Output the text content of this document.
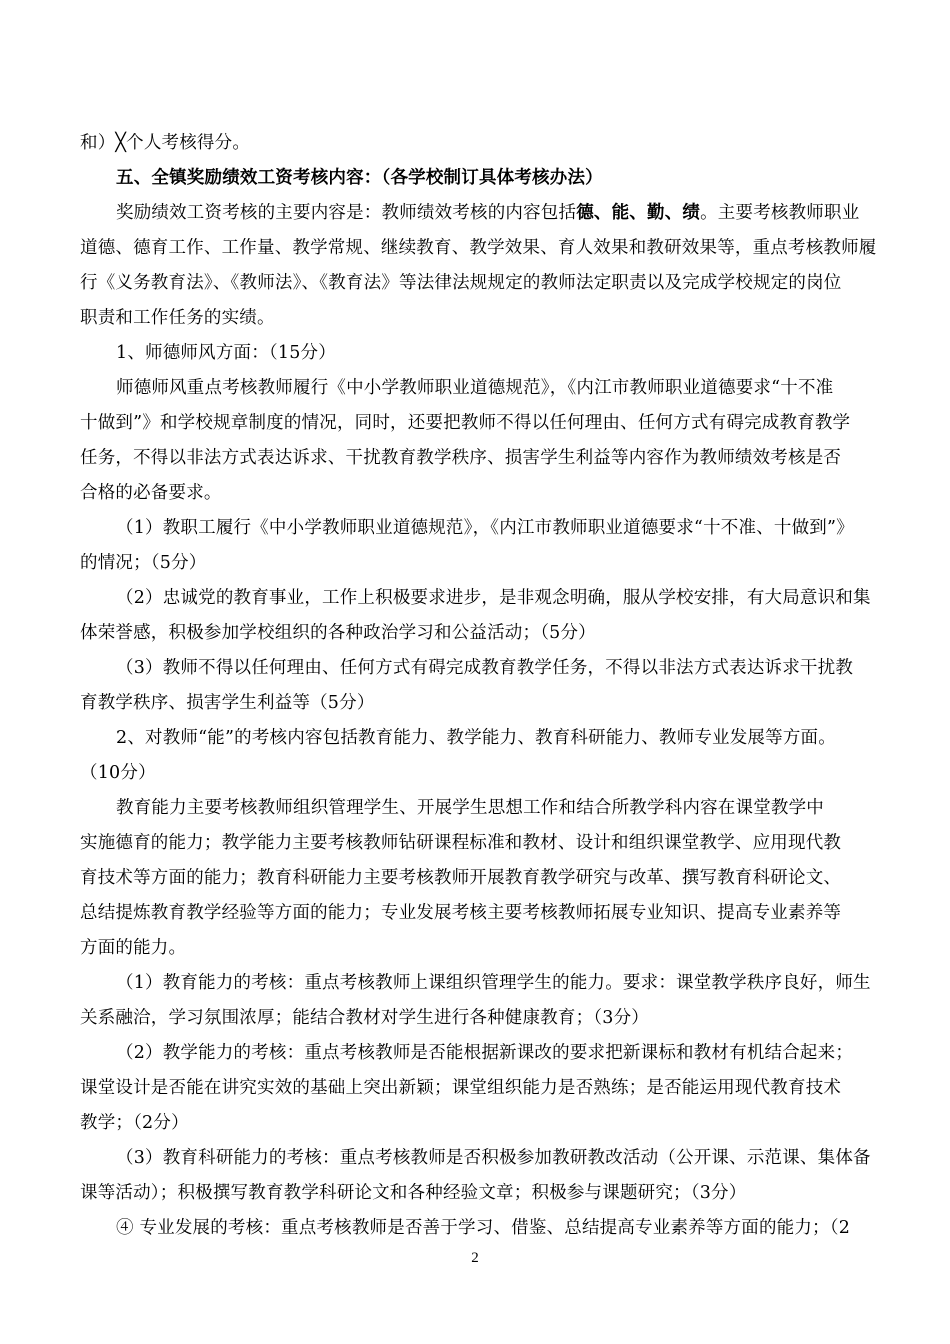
和）╳个人考核得分。
五、全镇奖励绩效工资考核内容：（各学校制订具体考核办法）
奖励绩效工资考核的主要内容是：教师绩效考核的内容包括德、能、勤、绩。主要考核教师职业
道德、德育工作、工作量、教学常规、继续教育、教学效果、育人效果和教研效果等，重点考核教师履
行《义务教育法》、《教师法》、《教育法》等法律法规规定的教师法定职责以及完成学校规定的岗位
职责和工作任务的实绩。
1、师德师风方面：（15分）
师德师风重点考核教师履行《中小学教师职业道德规范》，《内江市教师职业道德要求“十不准
十做到”》和学校规章制度的情况，同时，还要把教师不得以任何理由、任何方式有碍完成教育教学
任务，不得以非法方式表达诉求、干扰教育教学秩序、损害学生利益等内容作为教师绩效考核是否
合格的必备要求。
（1）教职工履行《中小学教师职业道德规范》，《内江市教师职业道德要求“十不准、十做到”》
的情况；（5分）
（2）忠诚党的教育事业，工作上积极要求进步，是非观念明确，服从学校安排，有大局意识和集
体荣誉感，积极参加学校组织的各种政治学习和公益活动；（5分）
（3）教师不得以任何理由、任何方式有碍完成教育教学任务，不得以非法方式表达诉求干扰教
育教学秩序、损害学生利益等（5分）
2、对教师“能”的考核内容包括教育能力、教学能力、教育科研能力、教师专业发展等方面。
（10分）
教育能力主要考核教师组织管理学生、开展学生思想工作和结合所教学科内容在课堂教学中
实施德育的能力；教学能力主要考核教师钻研课程标准和教材、设计和组织课堂教学、应用现代教
育技术等方面的能力；教育科研能力主要考核教师开展教育教学研究与改革、撰写教育科研论文、
总结提炼教育教学经验等方面的能力；专业发展考核主要考核教师拓展专业知识、提高专业素养等
方面的能力。
（1）教育能力的考核：重点考核教师上课组织管理学生的能力。要求：课堂教学秩序良好，师生
关系融洽，学习氛围浓厚；能结合教材对学生进行各种健康教育；（3分）
（2）教学能力的考核：重点考核教师是否能根据新课改的要求把新课标和教材有机结合起来；
课堂设计是否能在讲究实效的基础上突出新颖；课堂组织能力是否熟练；是否能运用现代教育技术
教学；（2分）
（3）教育科研能力的考核：重点考核教师是否积极参加教研教改活动（公开课、示范课、集体备
课等活动）；积极撰写教育教学科研论文和各种经验文章；积极参与课题研究；（3分）
④ 专业发展的考核：重点考核教师是否善于学习、借鉴、总结提高专业素养等方面的能力；（2
2
